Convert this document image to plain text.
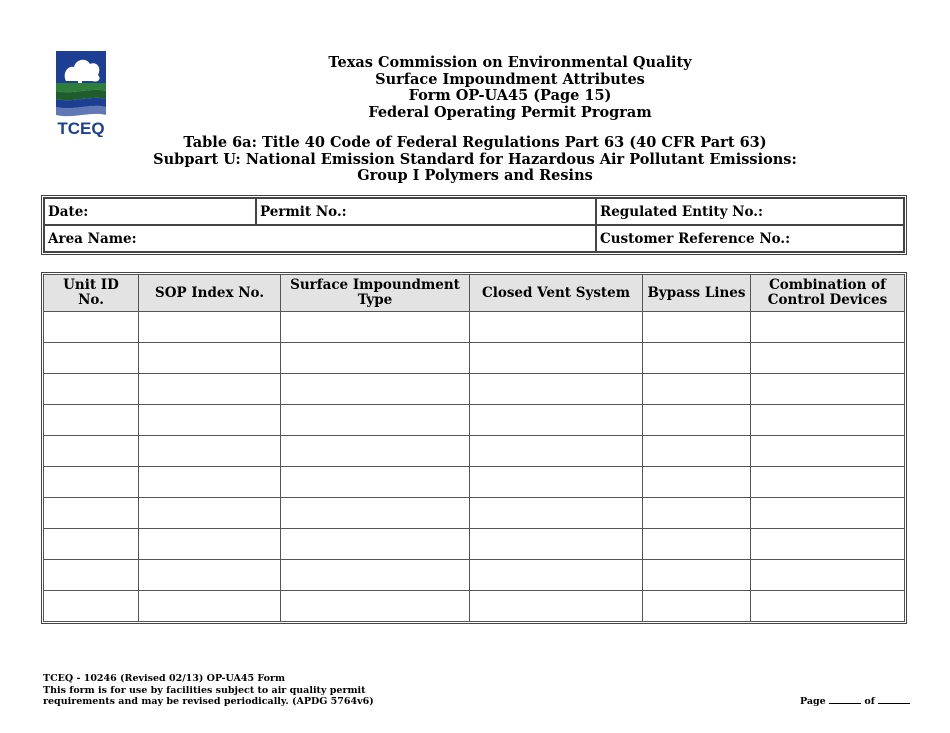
TCEQ
Texas Commission on Environmental Quality
Surface Impoundment Attributes
Form OP-UA45 (Page 15)
Federal Operating Permit Program
Table 6a: Title 40 Code of Federal Regulations Part 63 (40 CFR Part 63)
Subpart U: National Emission Standard for Hazardous Air Pollutant Emissions:
Group I Polymers and Resins
Date:	Permit No.:	Regulated Entity No.:
Area Name:		Customer Reference No.:
Unit ID No.	SOP Index No.	Surface Impoundment Type	Closed Vent System	Bypass Lines	Combination of Control Devices

TCEQ - 10246 (Revised 02/13) OP-UA45 Form
This form is for use by facilities subject to air quality permit
requirements and may be revised periodically. (APDG 5764v6)	Page	of
